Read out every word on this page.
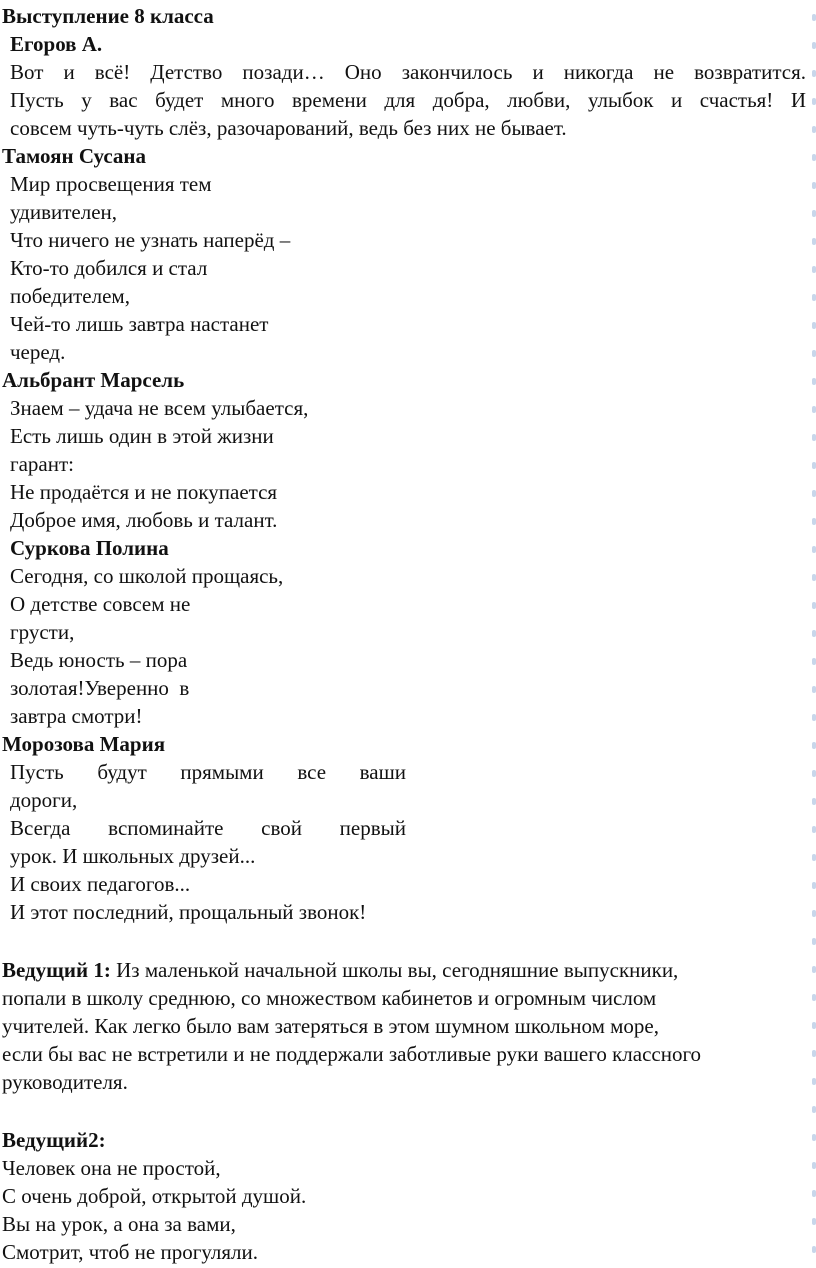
Выступление 8 класса
Егоров А.
Вот и всё! Детство позади… Оно закончилось и никогда не возвратится.
Пусть у вас будет много времени для добра, любви, улыбок и счастья! И
совсем чуть-чуть слёз, разочарований, ведь без них не бывает.
Тамоян Сусана
Мир просвещения тем
удивителен,
Что ничего не узнать наперёд –
Кто-то добился и стал
победителем,
Чей-то лишь завтра настанет
черед.
Альбрант Марсель
Знаем – удача не всем улыбается,
Есть лишь один в этой жизни
гарант:
Не продаётся и не покупается
Доброе имя, любовь и талант.
Суркова Полина
Сегодня, со школой прощаясь,
О детстве совсем не
грусти,
Ведь юность – пора
золотая!Уверенно  в
завтра смотри!
Морозова Мария
Пусть будут прямыми все ваши
дороги,
Всегда вспоминайте свой первый
урок. И школьных друзей...
И своих педагогов...
И этот последний, прощальный звонок!
Ведущий 1: Из маленькой начальной школы вы, сегодняшние выпускники,
попали в школу среднюю, со множеством кабинетов и огромным числом
учителей. Как легко было вам затеряться в этом шумном школьном море,
если бы вас не встретили и не поддержали заботливые руки вашего классного
руководителя.
Ведущий2:
Человек она не простой,
С очень доброй, открытой душой.
Вы на урок, а она за вами,
Смотрит, чтоб не прогуляли.
